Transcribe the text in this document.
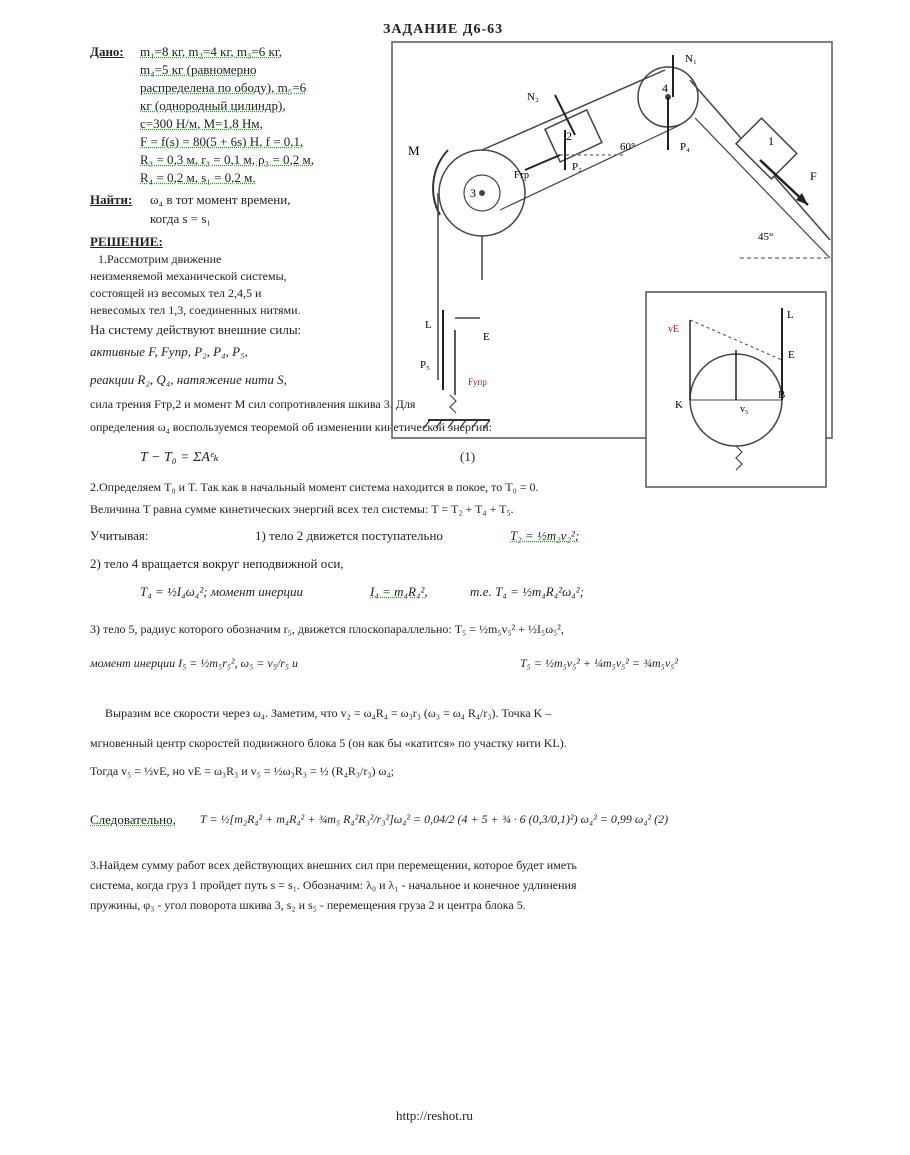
ЗАДАНИЕ Д6-63
Дано: m₁=8 кг, m₂=4 кг, m₃=6 кг,
m₄=5 кг (равномерно
распределена по ободу), m₅=6
кг (однородный цилиндр),
c=300 Н/м, M=1,8 Нм,
F = f(s) = 80(5 + 6s) Н, f = 0,1,
R₃ = 0,3 м, r₃ = 0,1 м, ρ₃ = 0,2 м,
R₄ = 0,2 м, s₁ = 0,2 м.
Найти: ω₄ в тот момент времени,
когда s = s₁
РЕШЕНИЕ:
1.Рассмотрим движение
неизменяемой механической системы,
состоящей из весомых тел 2,4,5 и
невесомых тел 1,3, соединенных нитями.
На систему действуют внешние силы:
активные F, Fупр, P₂, P₄, P₅,
реакции R₂, Q₄, натяжение нити S,
сила трения Fтр,2 и момент M сил сопротивления шкива 3. Для
определения ω₄ воспользуемся теоремой об изменении кинетической энергии:
T − T₀ = ΣAᵉₖ	(1)
2.Определяем T₀ и T. Так как в начальный момент система находится в покое, то T₀ = 0.
Величина T равна сумме кинетических энергий всех тел системы: T = T₂ + T₄ + T₅.
Учитывая:	1) тело 2 движется поступательно	T₂ = ½m₂v₂²;
2) тело 4 вращается вокруг неподвижной оси,
T₄ = ½I₄ω₄²; момент инерции	I₄ = m₄R₄²,	т.е. T₄ = ½m₄R₄²ω₄²;
3) тело 5, радиус которого обозначим r₅, движется плоскопараллельно: T₅ = ½m₅v₅² + ½I₅ω₅²,
момент инерции I₅ = ½m₅r₅², ω₅ = v₅/r₅ и	T₅ = ½m₅v₅² + ¼m₅v₅² = ¾m₅v₅²
Выразим все скорости через ω₄. Заметим, что v₂ = ω₄R₄ = ω₃r₃ (ω₃ = ω₄ R₄/r₃). Точка K –
мгновенный центр скоростей подвижного блока 5 (он как бы «катится» по участку нити KL).
Тогда v₅ = ½vE, но vE = ω₃R₃ и v₅ = ½ω₃R₃ = ½ (R₄R₃/r₃) ω₄;
Следовательно, T = ½[m₂R₄² + m₄R₄² + ¾m₅ R₄²R₃²/r₃²]ω₄² = 0,04/2 (4 + 5 + ¾ · 6 (0,3/0,1)²) ω₄² = 0,99 ω₄² (2)
3.Найдем сумму работ всех действующих внешних сил при перемещении, которое будет иметь
система, когда груз 1 пройдет путь s = s₁. Обозначим: λ₀ и λ₁ - начальное и конечное удлинения
пружины, φ₃ - угол поворота шкива 3, s₂ и s₅ - перемещения груза 2 и центра блока 5.
http://reshot.ru
M
N₂
N₁
P₂
P₄
Fтр
60°
45°
1
2
3
4
F
L
P₅
E
Fупр
L
K
E
B
vE
v₅
